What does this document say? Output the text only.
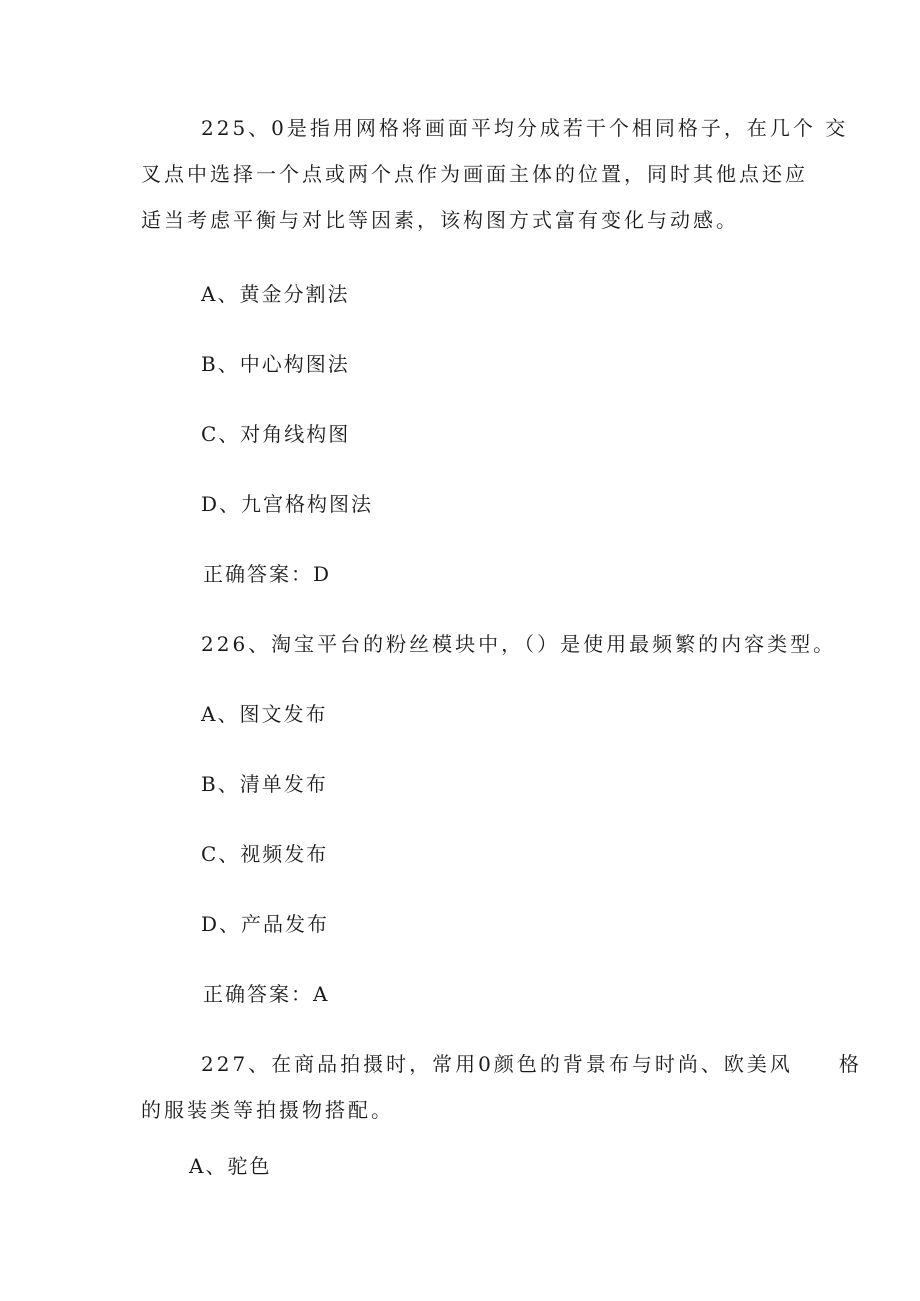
225、0是指用网格将画面平均分成若干个相同格子，在几个 交
叉点中选择一个点或两个点作为画面主体的位置，同时其他点还应
适当考虑平衡与对比等因素，该构图方式富有变化与动感。
A、黄金分割法
B、中心构图法
C、对角线构图
D、九宫格构图法
正确答案：D
226、淘宝平台的粉丝模块中，（）是使用最频繁的内容类型。
A、图文发布
B、清单发布
C、视频发布
D、产品发布
正确答案：A
227、在商品拍摄时，常用0颜色的背景布与时尚、欧美风　　格
的服装类等拍摄物搭配。
A、驼色
